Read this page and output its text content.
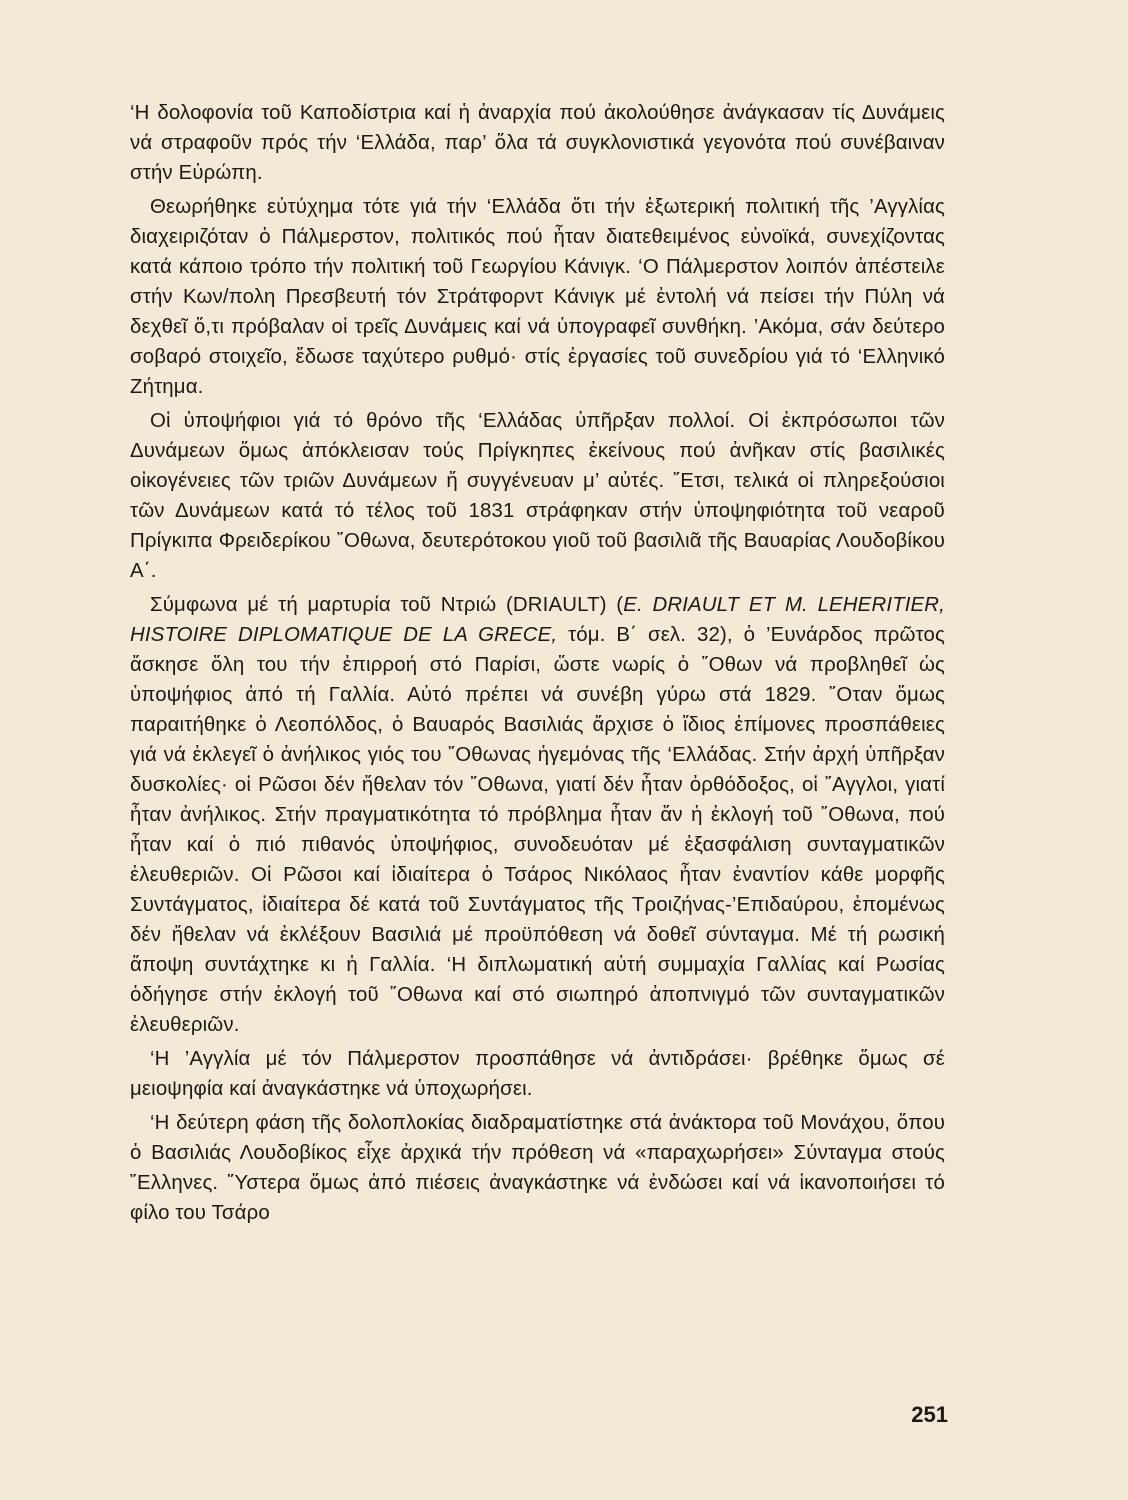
‘Η δολοφονία τοῦ Καποδίστρια καί ἡ ἀναρχία πού ἀκολούθησε ἀνάγκασαν τίς Δυνάμεις νά στραφοῦν πρός τήν ‘Ελλάδα, παρ’ ὅλα τά συγκλονιστικά γεγονότα πού συνέβαιναν στήν Εὐρώπη.

Θεωρήθηκε εὐτύχημα τότε γιά τήν ‘Ελλάδα ὅτι τήν ἐξωτερική πολιτική τῆς ’Αγγλίας διαχειριζόταν ὁ Πάλμερστον, πολιτικός πού ἦταν διατεθειμένος εὐνοϊκά, συνεχίζοντας κατά κάποιο τρόπο τήν πολιτική τοῦ Γεωργίου Κάνιγκ. ‘Ο Πάλμερστον λοιπόν ἀπέστειλε στήν Κων/πολη Πρεσβευτή τόν Στράτφορντ Κάνιγκ μέ ἐντολή νά πείσει τήν Πύλη νά δεχθεῖ ὅ,τι πρόβαλαν οἱ τρεῖς Δυνάμεις καί νά ὑπογραφεῖ συνθήκη. ’Ακόμα, σάν δεύτερο σοβαρό στοιχεῖο, ἔδωσε ταχύτερο ρυθμό· στίς ἐργασίες τοῦ συνεδρίου γιά τό ‘Ελληνικό Ζήτημα.

Οἱ ὑποψήφιοι γιά τό θρόνο τῆς ‘Ελλάδας ὑπῆρξαν πολλοί. Οἱ ἐκπρόσωποι τῶν Δυνάμεων ὅμως ἀπόκλεισαν τούς Πρίγκηπες ἐκείνους πού ἀνῆκαν στίς βασιλικές οἰκογένειες τῶν τριῶν Δυνάμεων ἤ συγγένευαν μ’ αὐτές. ῎Ετσι, τελικά οἱ πληρεξούσιοι τῶν Δυνάμεων κατά τό τέλος τοῦ 1831 στράφηκαν στήν ὑποψηφιότητα τοῦ νεαροῦ Πρίγκιπα Φρειδερίκου ῎Οθωνα, δευτερότοκου γιοῦ τοῦ βασιλιᾶ τῆς Βαυαρίας Λουδοβίκου Α΄.

Σύμφωνα μέ τή μαρτυρία τοῦ Ντριώ (DRIAULT) (E. DRIAULT ET M. LEHERITIER, HISTOIRE DIPLOMATIQUE DE LA GRECE, τόμ. Β΄ σελ. 32), ὁ ’Ευνάρδος πρῶτος ἄσκησε ὅλη του τήν ἐπιρροή στό Παρίσι, ὥστε νωρίς ὁ ῎Οθων νά προβληθεῖ ὡς ὑποψήφιος ἀπό τή Γαλλία. Αὐτό πρέπει νά συνέβη γύρω στά 1829. ῞Οταν ὅμως παραιτήθηκε ὁ Λεοπόλδος, ὁ Βαυαρός Βασιλιάς ἄρχισε ὁ ἴδιος ἐπίμονες προσπάθειες γιά νά ἐκλεγεῖ ὁ ἀνήλικος γιός του ῎Οθωνας ἡγεμόνας τῆς ‘Ελλάδας. Στήν ἀρχή ὑπῆρξαν δυσκολίες· οἱ Ρῶσοι δέν ἤθελαν τόν ῎Οθωνα, γιατί δέν ἦταν ὀρθόδοξος, οἱ ῎Αγγλοι, γιατί ἦταν ἀνήλικος. Στήν πραγματικότητα τό πρόβλημα ἦταν ἄν ἡ ἐκλογή τοῦ ῎Οθωνα, πού ἦταν καί ὁ πιό πιθανός ὑποψήφιος, συνοδευόταν μέ ἐξασφάλιση συνταγματικῶν ἐλευθεριῶν. Οἱ Ρῶσοι καί ἰδιαίτερα ὁ Τσάρος Νικόλαος ἦταν ἐναντίον κάθε μορφῆς Συντάγματος, ἰδιαίτερα δέ κατά τοῦ Συντάγματος τῆς Τροιζήνας-’Επιδαύρου, ἐπομένως δέν ἤθελαν νά ἐκλέξουν Βασιλιά μέ προϋπόθεση νά δοθεῖ σύνταγμα. Μέ τή ρωσική ἄποψη συντάχτηκε κι ἡ Γαλλία. ‘Η διπλωματική αὐτή συμμαχία Γαλλίας καί Ρωσίας ὁδήγησε στήν ἐκλογή τοῦ ῎Οθωνα καί στό σιωπηρό ἀποπνιγμό τῶν συνταγματικῶν ἐλευθεριῶν.

‘Η ’Αγγλία μέ τόν Πάλμερστον προσπάθησε νά ἀντιδράσει· βρέθηκε ὅμως σέ μειοψηφία καί ἀναγκάστηκε νά ὑποχωρήσει.

‘Η δεύτερη φάση τῆς δολοπλοκίας διαδραματίστηκε στά ἀνάκτορα τοῦ Μονάχου, ὅπου ὁ Βασιλιάς Λουδοβίκος εἶχε ἀρχικά τήν πρόθεση νά «παραχωρήσει» Σύνταγμα στούς ῞Ελληνες. ῞Υστερα ὅμως ἀπό πιέσεις ἀναγκάστηκε νά ἐνδώσει καί νά ἱκανοποιήσει τό φίλο του Τσάρο

251
